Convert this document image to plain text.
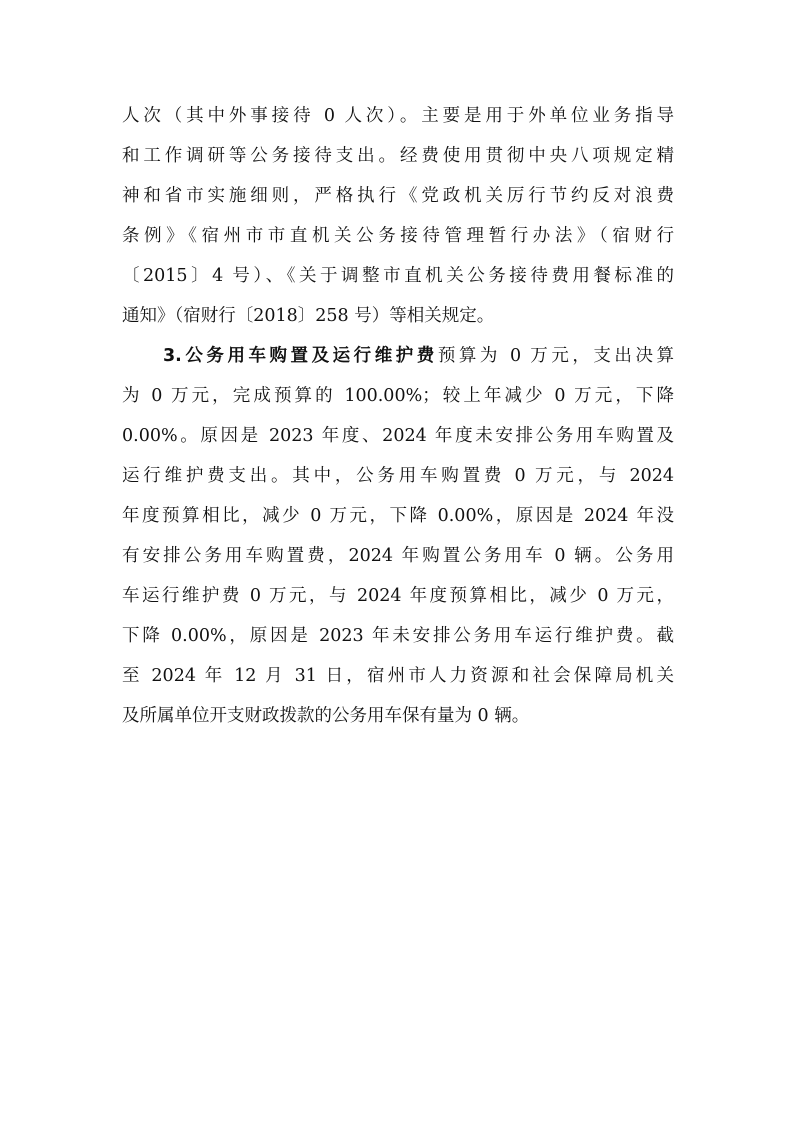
人次（其中外事接待 0 人次）。主要是用于外单位业务指导
和工作调研等公务接待支出。经费使用贯彻中央八项规定精
神和省市实施细则，严格执行《党政机关厉行节约反对浪费
条例》《宿州市市直机关公务接待管理暂行办法》（宿财行
〔2015〕4 号）、《关于调整市直机关公务接待费用餐标准的
通知》（宿财行〔2018〕258 号）等相关规定。
3.公务用车购置及运行维护费预算为 0 万元，支出决算
为 0 万元，完成预算的 100.00%；较上年减少 0 万元，下降
0.00%。原因是 2023 年度、2024 年度未安排公务用车购置及
运行维护费支出。其中，公务用车购置费 0 万元，与 2024
年度预算相比，减少 0 万元，下降 0.00%，原因是 2024 年没
有安排公务用车购置费，2024 年购置公务用车 0 辆。公务用
车运行维护费 0 万元，与 2024 年度预算相比，减少 0 万元，
下降 0.00%，原因是 2023 年未安排公务用车运行维护费。截
至 2024 年 12 月 31 日，宿州市人力资源和社会保障局机关
及所属单位开支财政拨款的公务用车保有量为 0 辆。
